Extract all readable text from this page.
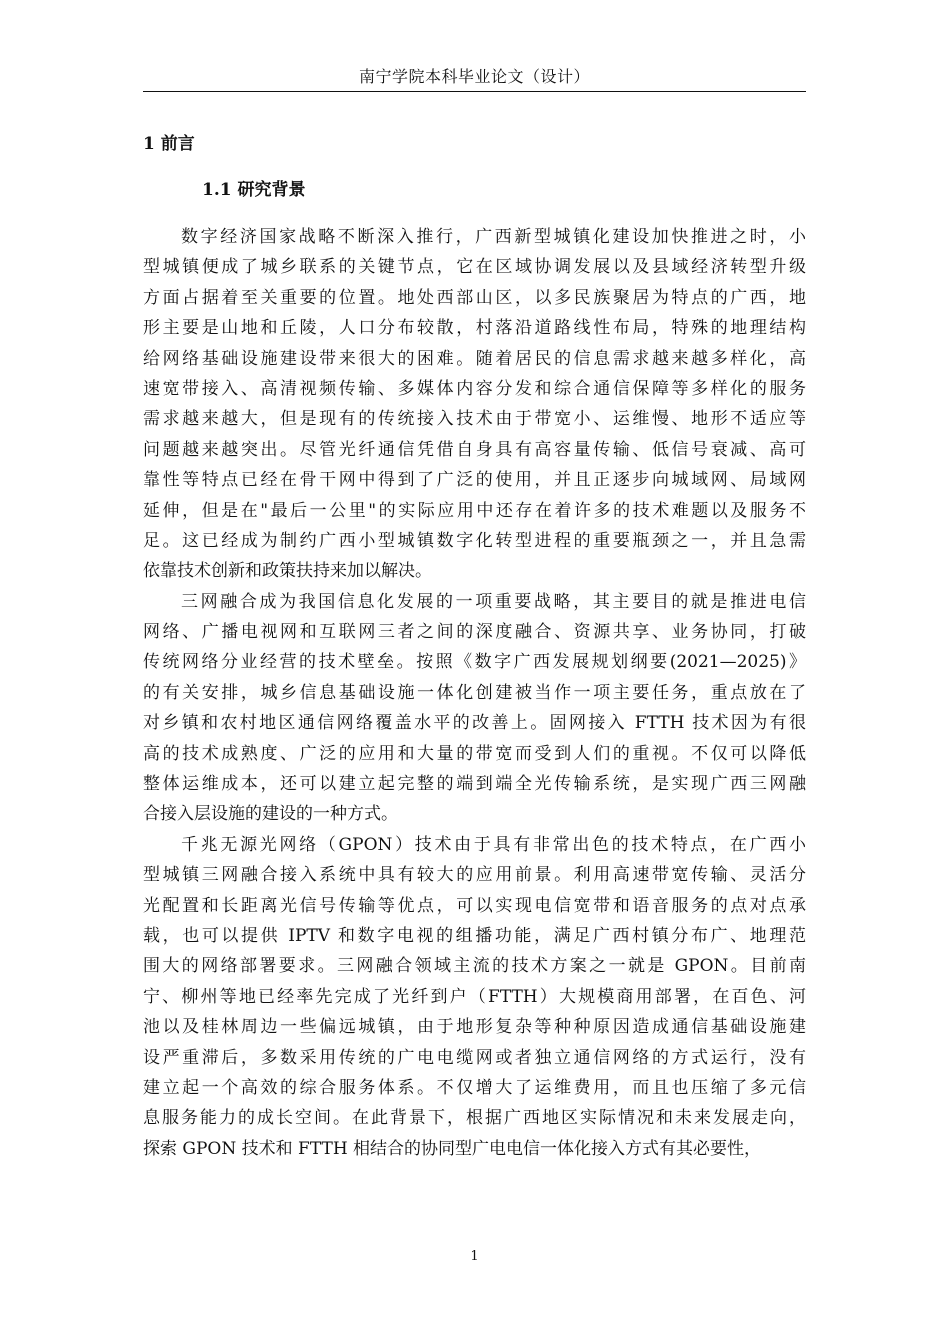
南宁学院本科毕业论文（设计）
1 前言
1.1 研究背景
数字经济国家战略不断深入推行，广西新型城镇化建设加快推进之时，小
型城镇便成了城乡联系的关键节点，它在区域协调发展以及县域经济转型升级
方面占据着至关重要的位置。地处西部山区，以多民族聚居为特点的广西，地
形主要是山地和丘陵，人口分布较散，村落沿道路线性布局，特殊的地理结构
给网络基础设施建设带来很大的困难。随着居民的信息需求越来越多样化，高
速宽带接入、高清视频传输、多媒体内容分发和综合通信保障等多样化的服务
需求越来越大，但是现有的传统接入技术由于带宽小、运维慢、地形不适应等
问题越来越突出。尽管光纤通信凭借自身具有高容量传输、低信号衰减、高可
靠性等特点已经在骨干网中得到了广泛的使用，并且正逐步向城域网、局域网
延伸，但是在"最后一公里"的实际应用中还存在着许多的技术难题以及服务不
足。这已经成为制约广西小型城镇数字化转型进程的重要瓶颈之一，并且急需
依靠技术创新和政策扶持来加以解决。
三网融合成为我国信息化发展的一项重要战略，其主要目的就是推进电信
网络、广播电视网和互联网三者之间的深度融合、资源共享、业务协同，打破
传统网络分业经营的技术壁垒。按照《数字广西发展规划纲要(2021—2025)》
的有关安排，城乡信息基础设施一体化创建被当作一项主要任务，重点放在了
对乡镇和农村地区通信网络覆盖水平的改善上。固网接入 FTTH 技术因为有很
高的技术成熟度、广泛的应用和大量的带宽而受到人们的重视。不仅可以降低
整体运维成本，还可以建立起完整的端到端全光传输系统，是实现广西三网融
合接入层设施的建设的一种方式。
千兆无源光网络（GPON）技术由于具有非常出色的技术特点，在广西小
型城镇三网融合接入系统中具有较大的应用前景。利用高速带宽传输、灵活分
光配置和长距离光信号传输等优点，可以实现电信宽带和语音服务的点对点承
载，也可以提供 IPTV 和数字电视的组播功能，满足广西村镇分布广、地理范
围大的网络部署要求。三网融合领域主流的技术方案之一就是 GPON。目前南
宁、柳州等地已经率先完成了光纤到户（FTTH）大规模商用部署，在百色、河
池以及桂林周边一些偏远城镇，由于地形复杂等种种原因造成通信基础设施建
设严重滞后，多数采用传统的广电电缆网或者独立通信网络的方式运行，没有
建立起一个高效的综合服务体系。不仅增大了运维费用，而且也压缩了多元信
息服务能力的成长空间。在此背景下，根据广西地区实际情况和未来发展走向，
探索 GPON 技术和 FTTH 相结合的协同型广电电信一体化接入方式有其必要性，
1
